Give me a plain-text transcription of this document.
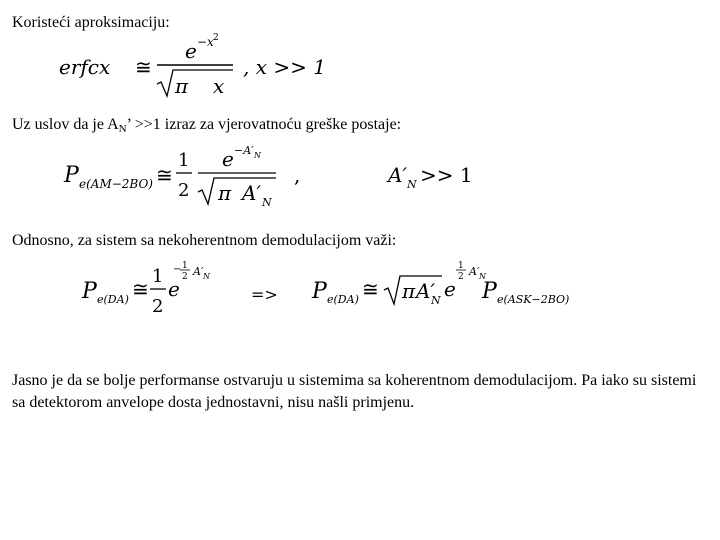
Koristeći aproksimaciju:
erfcx ≅
e −x 2
π x
, x >> 1
Uz uslov da je $A_N$’ >>1 izraz za vjerovatnoću greške postaje:
P e(AM−2BO) ≅
1
2
e −A′ N
π A′ N
,	A′ N >> 1
Odnosno, za sistem sa nekoherentnom demodulacijom važi:
P e(DA) ≅
1
2
e
− 1
2 A′ N
=> P e(DA) ≅ π A′
N e
1
2 A′ N
P e(ASK−2BO)
Jasno je da se bolje performanse ostvaruju u sistemima sa koherentnom demodulacijom. Pa iako su sistemi sa detektorom anvelope dosta jednostavni, nisu našli primjenu.
